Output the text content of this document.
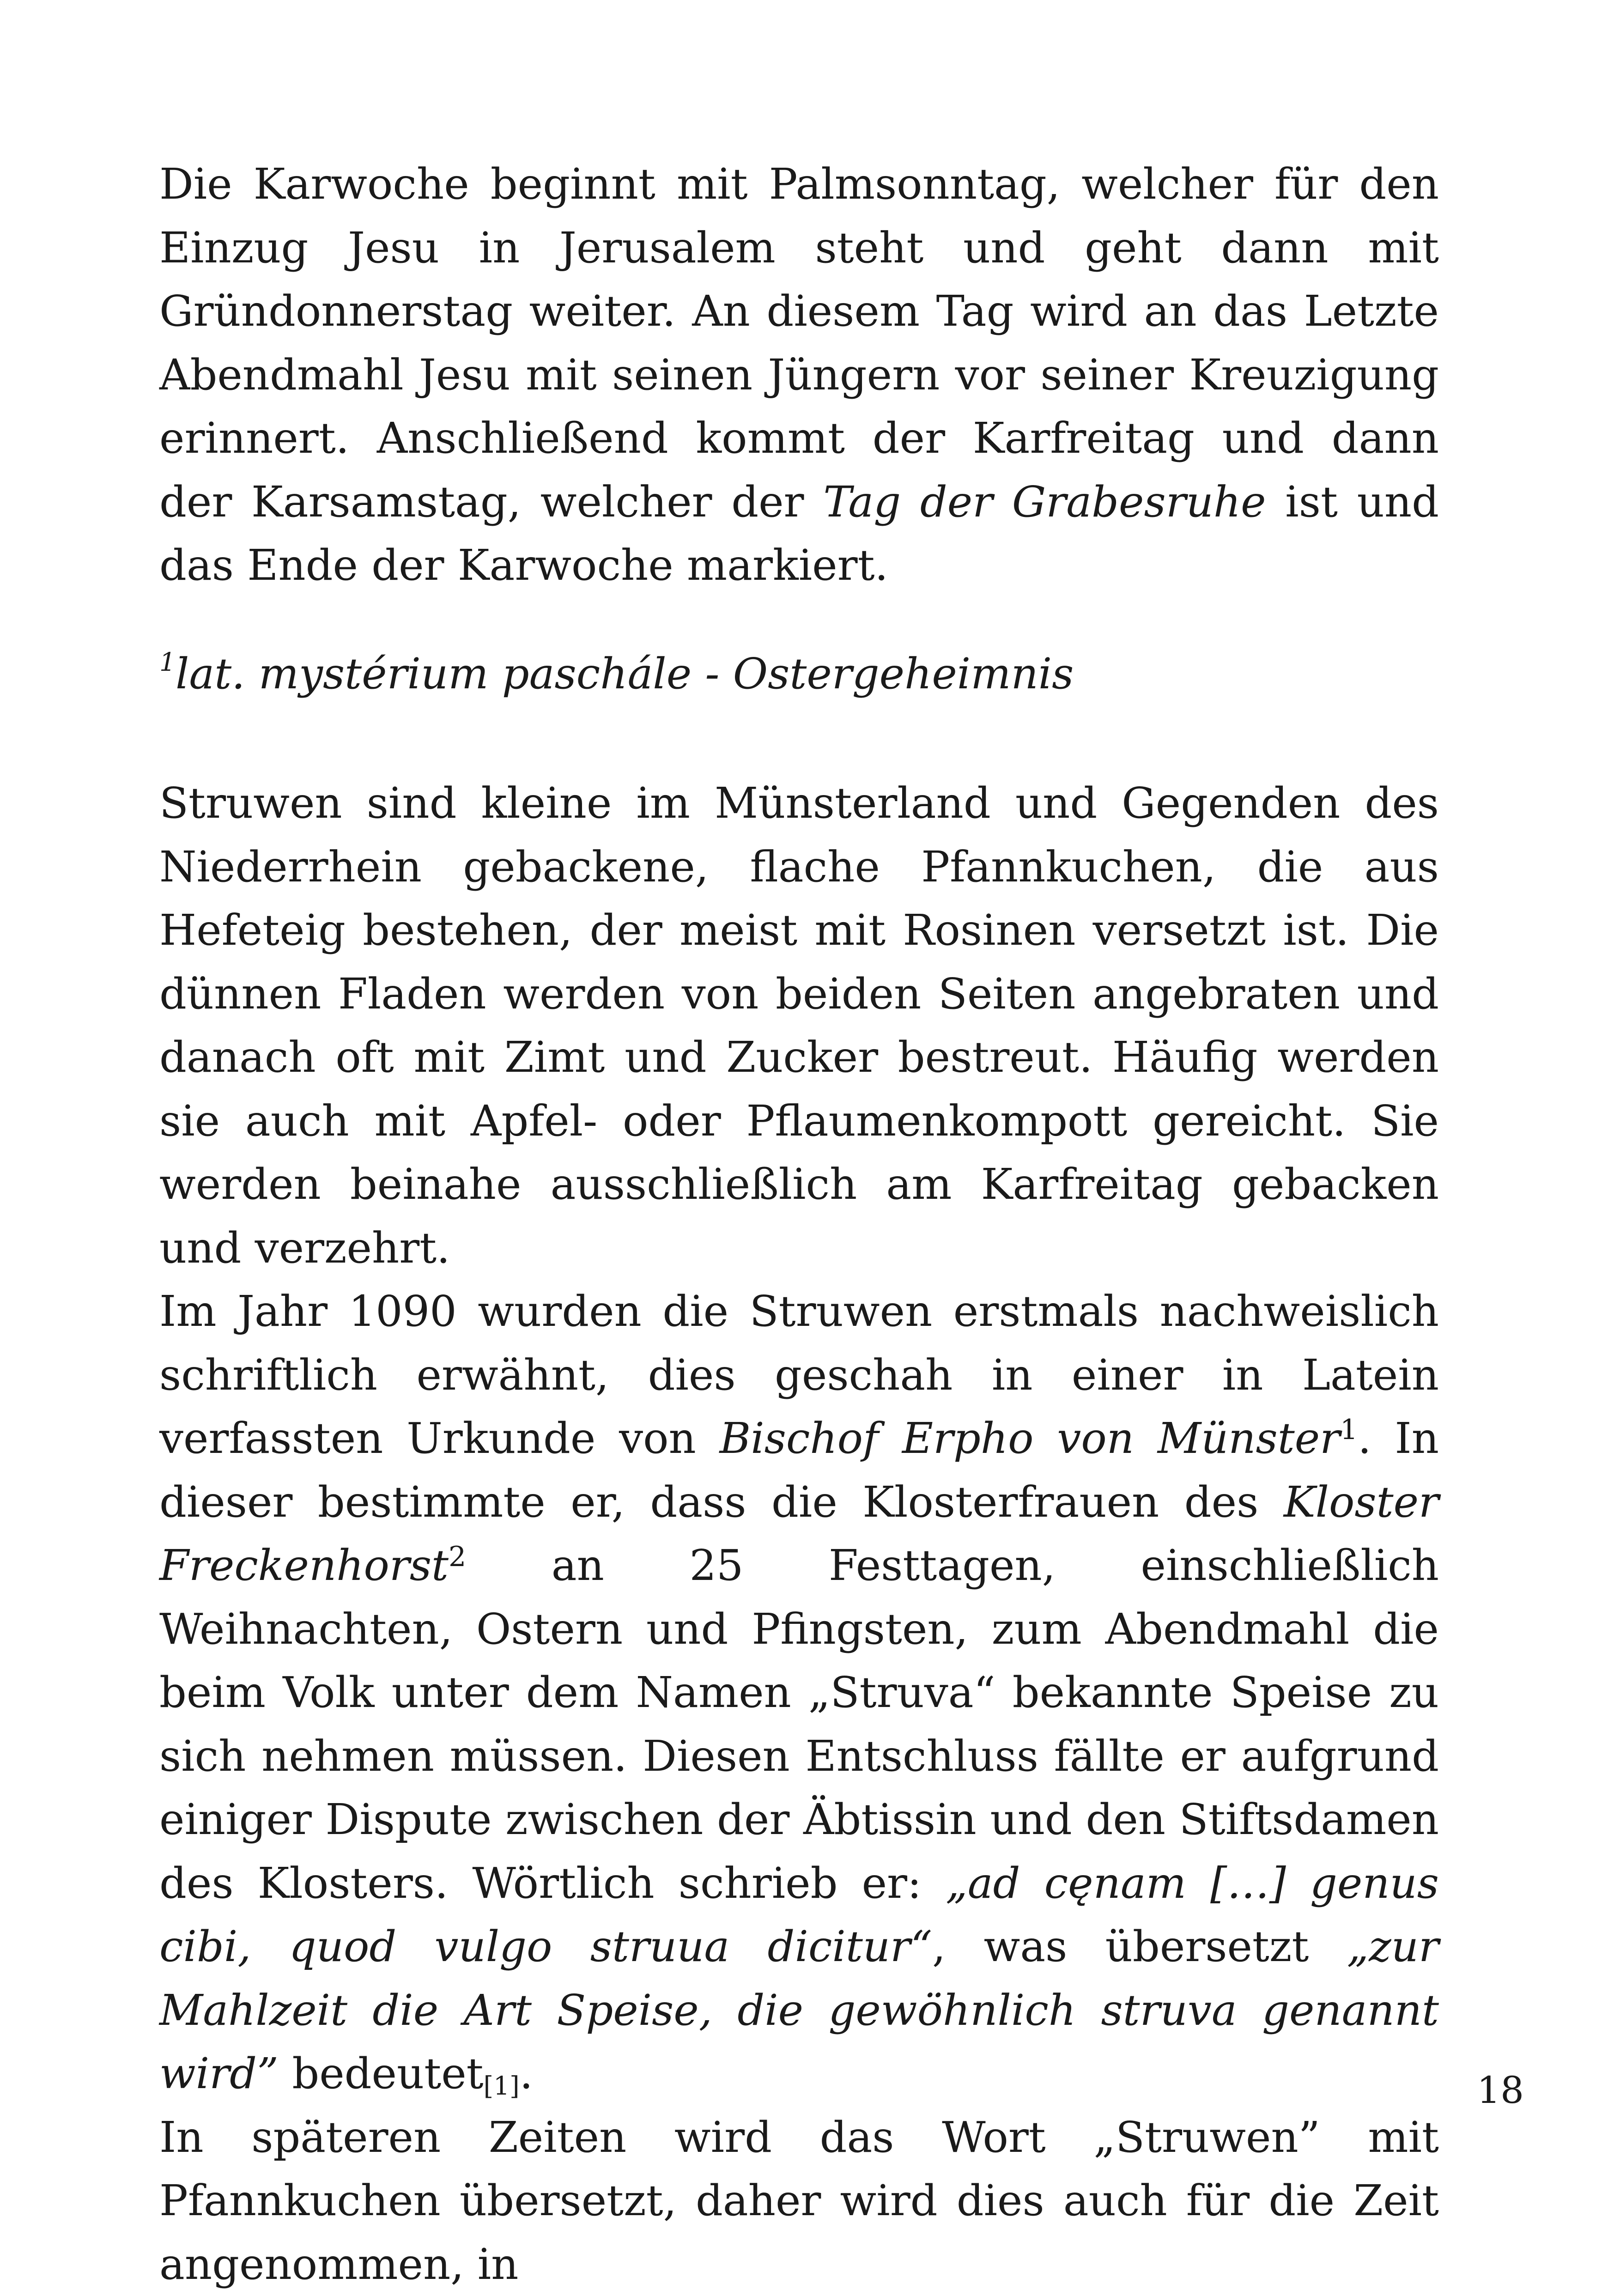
Die Karwoche beginnt mit Palmsonntag, welcher für den Einzug Jesu in Jerusalem steht und geht dann mit Gründonnerstag weiter. An diesem Tag wird an das Letzte Abendmahl Jesu mit seinen Jüngern vor seiner Kreuzigung erinnert. Anschließend kommt der Karfreitag und dann der Karsamstag, welcher der Tag der Grabesruhe ist und das Ende der Karwoche markiert.

$^1$lat. mystérium paschále - Ostergeheimnis

Struwen sind kleine im Münsterland und Gegenden des Niederrhein gebackene, flache Pfannkuchen, die aus Hefeteig bestehen, der meist mit Rosinen versetzt ist. Die dünnen Fladen werden von beiden Seiten angebraten und danach oft mit Zimt und Zucker bestreut. Häufig werden sie auch mit Apfel- oder Pflaumenkompott gereicht. Sie werden beinahe ausschließlich am Karfreitag gebacken und verzehrt.

Im Jahr 1090 wurden die Struwen erstmals nachweislich schriftlich erwähnt, dies geschah in einer in Latein verfassten Urkunde von Bischof Erpho von Münster$^1$. In dieser bestimmte er, dass die Klosterfrauen des Kloster Freckenhorst$^2$ an 25 Festtagen, einschließlich Weihnachten, Ostern und Pfingsten, zum Abendmahl die beim Volk unter dem Namen „Struva“ bekannte Speise zu sich nehmen müssen. Diesen Entschluss fällte er aufgrund einiger Dispute zwischen der Äbtissin und den Stiftsdamen des Klosters. Wörtlich schrieb er: „ad cęnam […] genus cibi, quod vulgo struua dicitur“, was übersetzt „zur Mahlzeit die Art Speise, die gewöhnlich struva genannt wird” bedeutet[1].

In späteren Zeiten wird das Wort „Struwen” mit Pfannkuchen übersetzt, daher wird dies auch für die Zeit angenommen, in

18
